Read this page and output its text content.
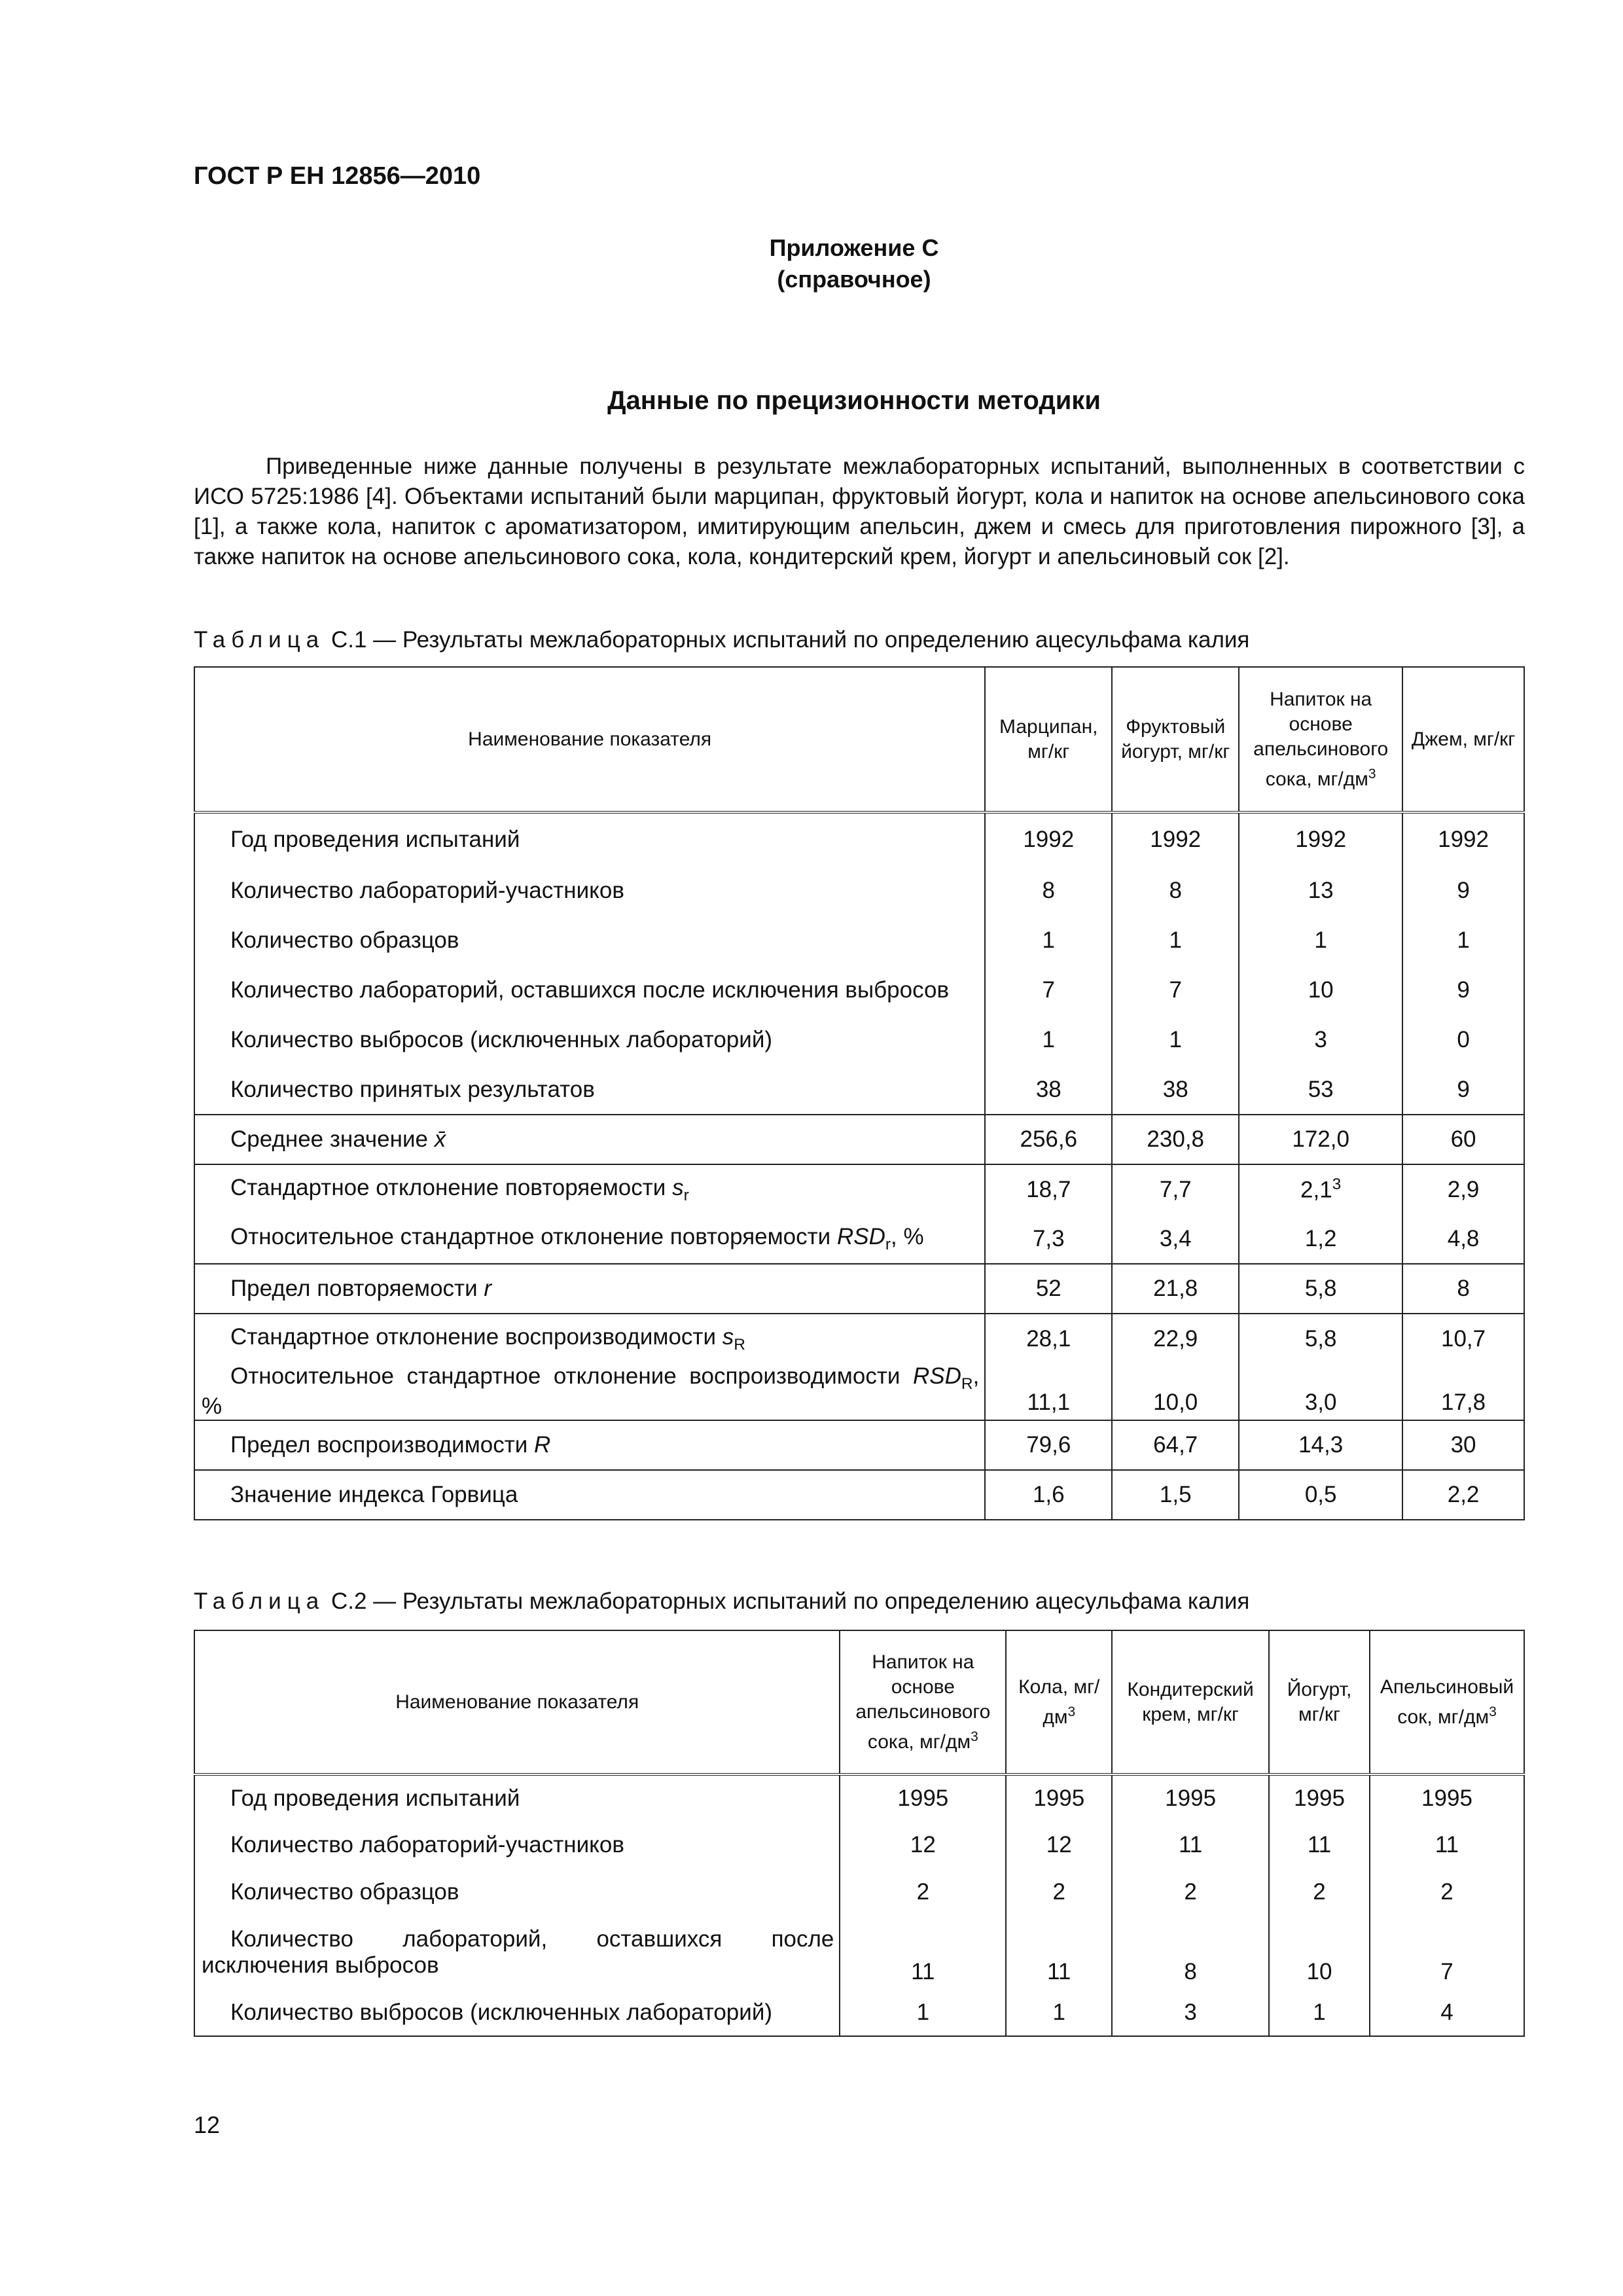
ГОСТ Р ЕН 12856—2010
Приложение С
(справочное)
Данные по прецизионности методики
Приведенные ниже данные получены в результате межлабораторных испытаний, выполненных в соответствии с ИСО 5725:1986 [4]. Объектами испытаний были марципан, фруктовый йогурт, кола и напиток на основе апельсинового сока [1], а также кола, напиток с ароматизатором, имитирующим апельсин, джем и смесь для приготовления пирожного [3], а также напиток на основе апельсинового сока, кола, кондитерский крем, йогурт и апельсиновый сок [2].
Таблица С.1 — Результаты межлабораторных испытаний по определению ацесульфама калия
Наименование показателя	Марципан, мг/кг	Фруктовый йогурт, мг/кг	Напиток на основе апельсинового сока, $мг/дм^3$	Джем, мг/кг
Год проведения испытаний	1992	1992	1992	1992
Количество лабораторий-участников	8	8	13	9
Количество образцов	1	1	1	1
Количество лабораторий, оставшихся после исключения выбросов	7	7	10	9
Количество выбросов (исключенных лабораторий)	1	1	3	0
Количество принятых результатов	38	38	53	9
Среднее значение x̄	256,6	230,8	172,0	60
Стандартное отклонение повторяемости $s_r$	18,7	7,7	$2,1^3$	2,9
Относительное стандартное отклонение повторяемости $RSD_r$, %	7,3	3,4	1,2	4,8
Предел повторяемости r	52	21,8	5,8	8
Стандартное отклонение воспроизводимости $s_R$	28,1	22,9	5,8	10,7
Относительное стандартное отклонение воспроизводимости $RSD_R$, %	11,1	10,0	3,0	17,8
Предел воспроизводимости R	79,6	64,7	14,3	30
Значение индекса Горвица	1,6	1,5	0,5	2,2
Таблица С.2 — Результаты межлабораторных испытаний по определению ацесульфама калия
Наименование показателя	Напиток на основе апельсинового сока, $мг/дм^3$	Кола, $мг/дм^3$	Кондитерский крем, мг/кг	Йогурт, мг/кг	Апельсиновый сок, $мг/дм^3$
Год проведения испытаний	1995	1995	1995	1995	1995
Количество лабораторий-участников	12	12	11	11	11
Количество образцов	2	2	2	2	2
Количество лабораторий, оставшихся после исключения выбросов	11	11	8	10	7
Количество выбросов (исключенных лабораторий)	1	1	3	1	4
12
